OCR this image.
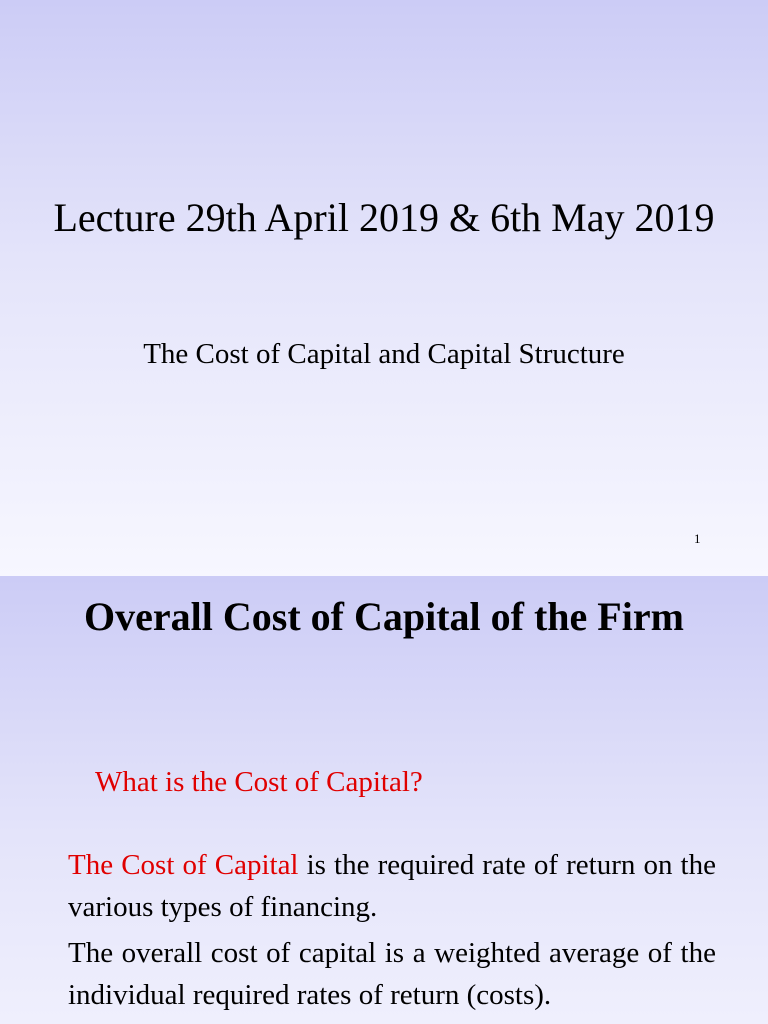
Lecture 29th April 2019 & 6th May 2019

The Cost of Capital and Capital Structure

1
Overall Cost of Capital of the Firm

What is the Cost of Capital?

The Cost of Capital is the required rate of return on the various types of financing.

The overall cost of capital is a weighted average of the individual required rates of return (costs).
